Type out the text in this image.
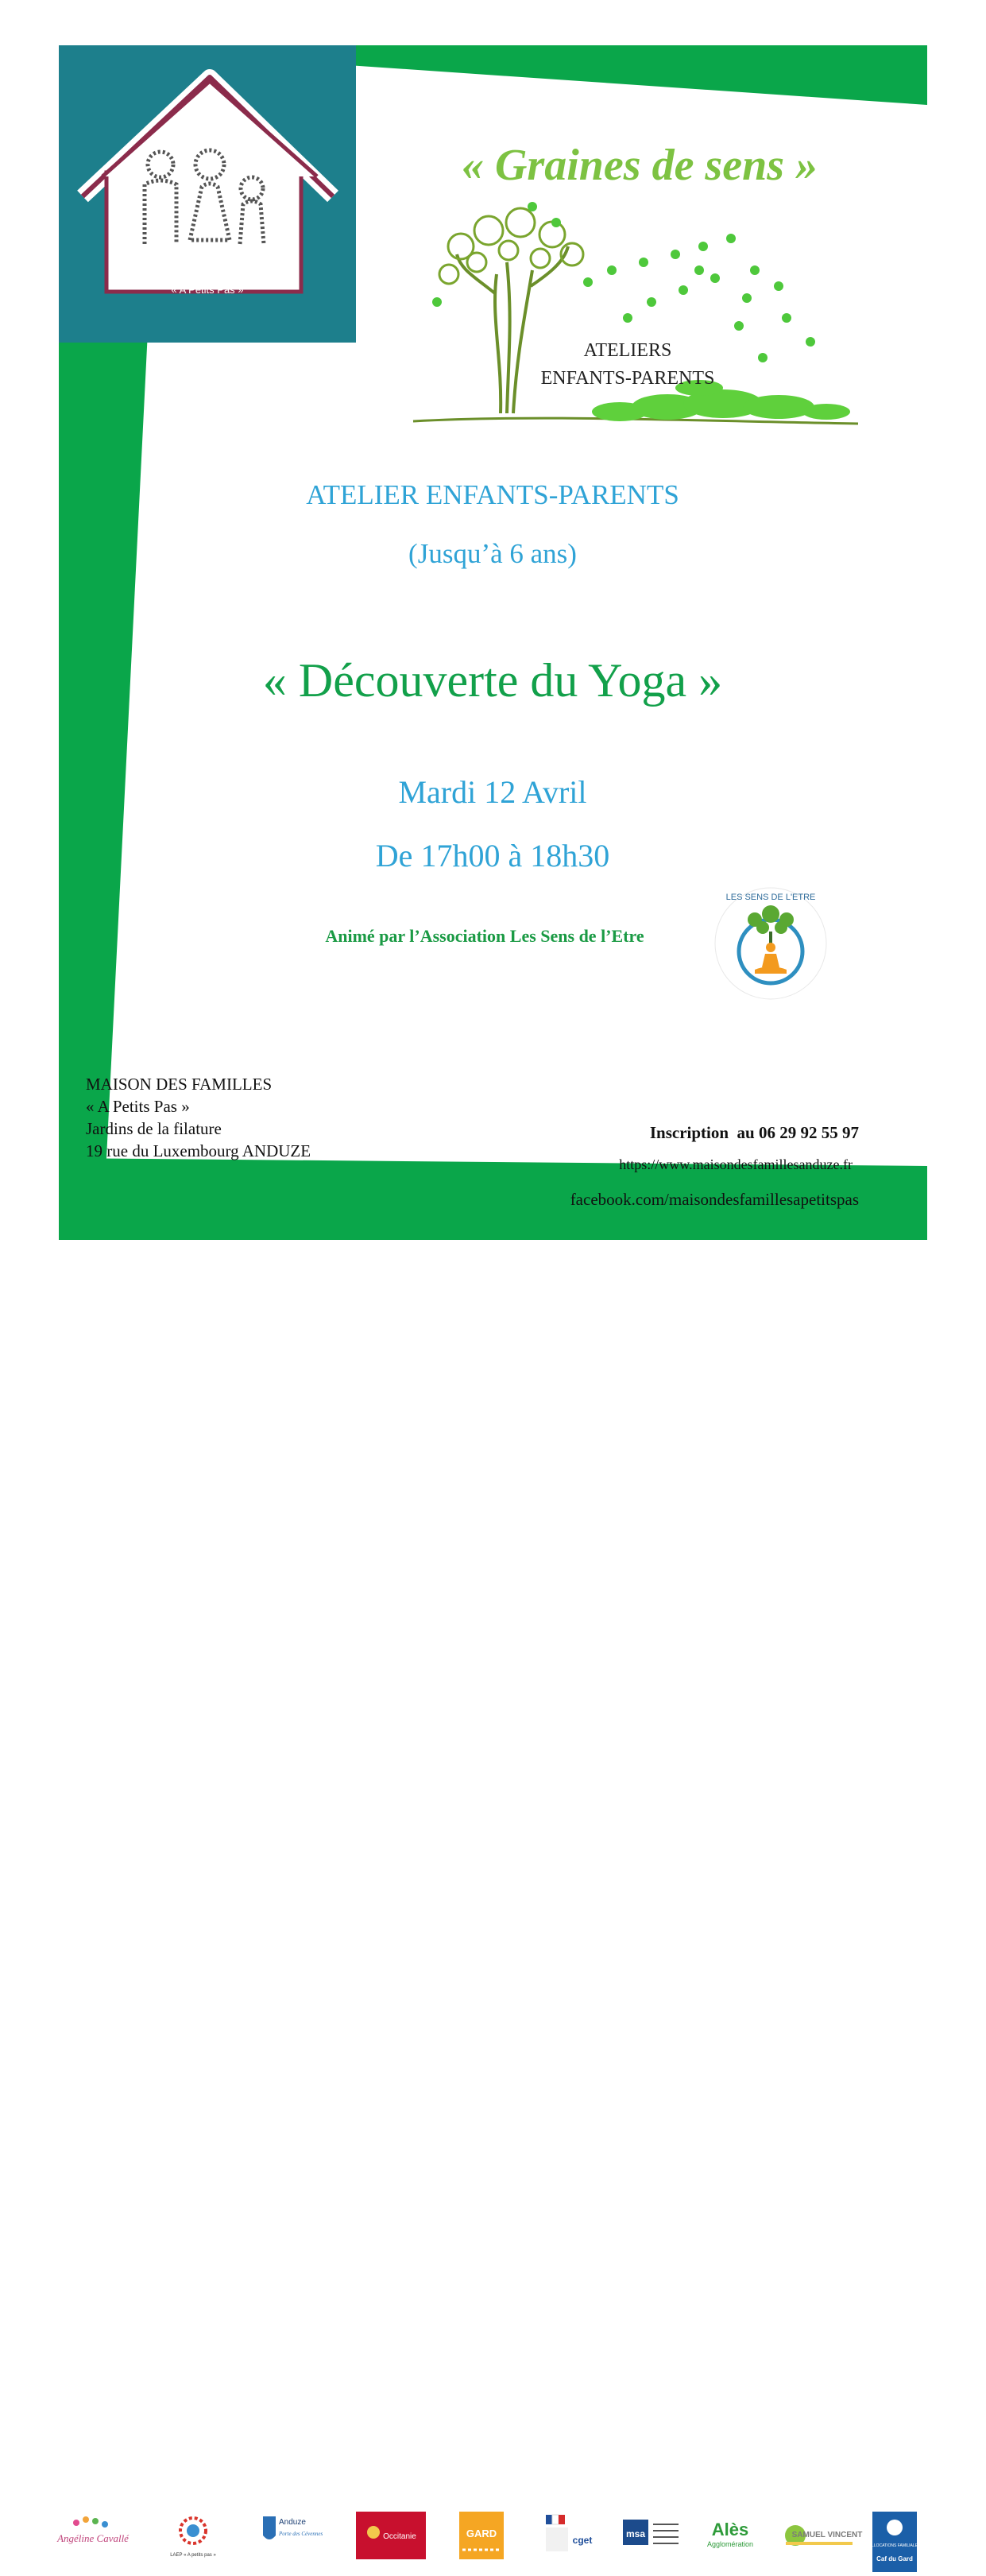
MAISON DES FAMILLES
« A Petits Pas »
« Graines de sens »
ATELIERS
ENFANTS-PARENTS
ATELIER ENFANTS-PARENTS
(Jusqu’à 6 ans)
« Découverte du Yoga »
Mardi 12 Avril
De 17h00 à 18h30
Animé par l’Association Les Sens de l’Etre
LES SENS DE L'ETRE
MAISON DES FAMILLES
« A Petits Pas »
Jardins de la filature
19 rue du Luxembourg ANDUZE
Inscription  au 06 29 92 55 97
https://www.maisondesfamillesanduze.fr
facebook.com/maisondesfamillesapetitspas
Angéline Cavallé
LAEP « A petits pas »
Anduze
Porte des Cévennes	Occitanie	GARD
cget
msa	Alès
Agglomération
SAMUEL VINCENT
ALLOCATIONS FAMILIALES
Caf du Gard
